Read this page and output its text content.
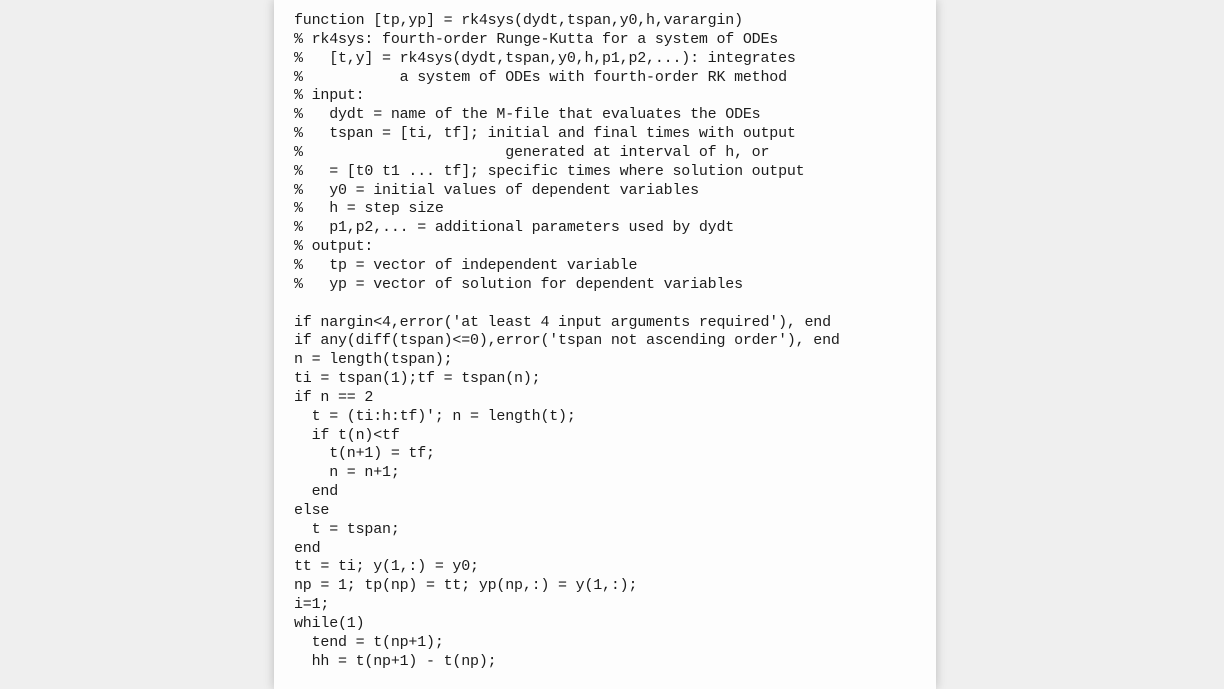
function [tp,yp] = rk4sys(dydt,tspan,y0,h,varargin)
% rk4sys: fourth-order Runge-Kutta for a system of ODEs
%   [t,y] = rk4sys(dydt,tspan,y0,h,p1,p2,...): integrates
%           a system of ODEs with fourth-order RK method
% input:
%   dydt = name of the M-file that evaluates the ODEs
%   tspan = [ti, tf]; initial and final times with output
%                       generated at interval of h, or
%   = [t0 t1 ... tf]; specific times where solution output
%   y0 = initial values of dependent variables
%   h = step size
%   p1,p2,... = additional parameters used by dydt
% output:
%   tp = vector of independent variable
%   yp = vector of solution for dependent variables
if nargin<4,error('at least 4 input arguments required'), end
if any(diff(tspan)<=0),error('tspan not ascending order'), end
n = length(tspan);
ti = tspan(1);tf = tspan(n);
if n == 2
t = (ti:h:tf)'; n = length(t);
if t(n)<tf
t(n+1) = tf;
n = n+1;
end
else
t = tspan;
end
tt = ti; y(1,:) = y0;
np = 1; tp(np) = tt; yp(np,:) = y(1,:);
i=1;
while(1)
tend = t(np+1);
hh = t(np+1) - t(np);
